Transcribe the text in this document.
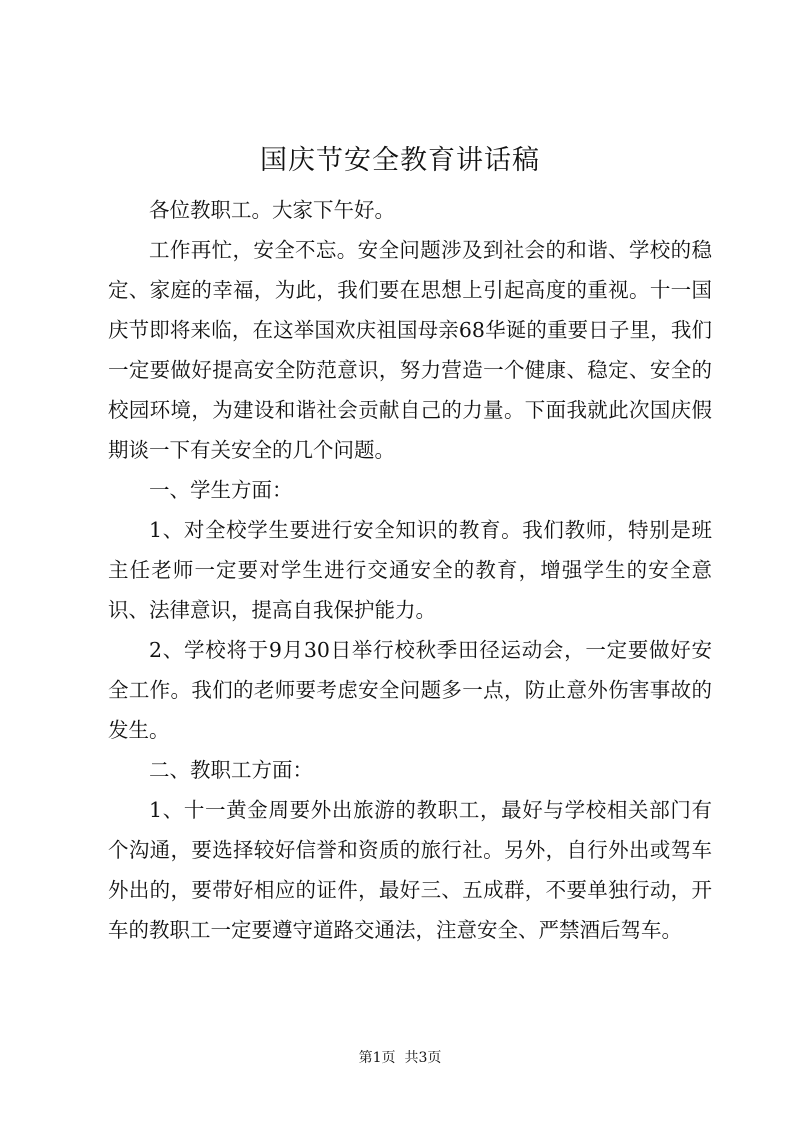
国庆节安全教育讲话稿

各位教职工。大家下午好。

工作再忙，安全不忘。安全问题涉及到社会的和谐、学校的稳定、家庭的幸福，为此，我们要在思想上引起高度的重视。十一国庆节即将来临，在这举国欢庆祖国母亲68华诞的重要日子里，我们一定要做好提高安全防范意识，努力营造一个健康、稳定、安全的校园环境，为建设和谐社会贡献自己的力量。下面我就此次国庆假期谈一下有关安全的几个问题。

一、学生方面：

1、对全校学生要进行安全知识的教育。我们教师，特别是班主任老师一定要对学生进行交通安全的教育，增强学生的安全意识、法律意识，提高自我保护能力。

2、学校将于9月30日举行校秋季田径运动会，一定要做好安全工作。我们的老师要考虑安全问题多一点，防止意外伤害事故的发生。

二、教职工方面：

1、十一黄金周要外出旅游的教职工，最好与学校相关部门有个沟通，要选择较好信誉和资质的旅行社。另外，自行外出或驾车外出的，要带好相应的证件，最好三、五成群，不要单独行动，开车的教职工一定要遵守道路交通法，注意安全、严禁酒后驾车。

第1页  共3页
